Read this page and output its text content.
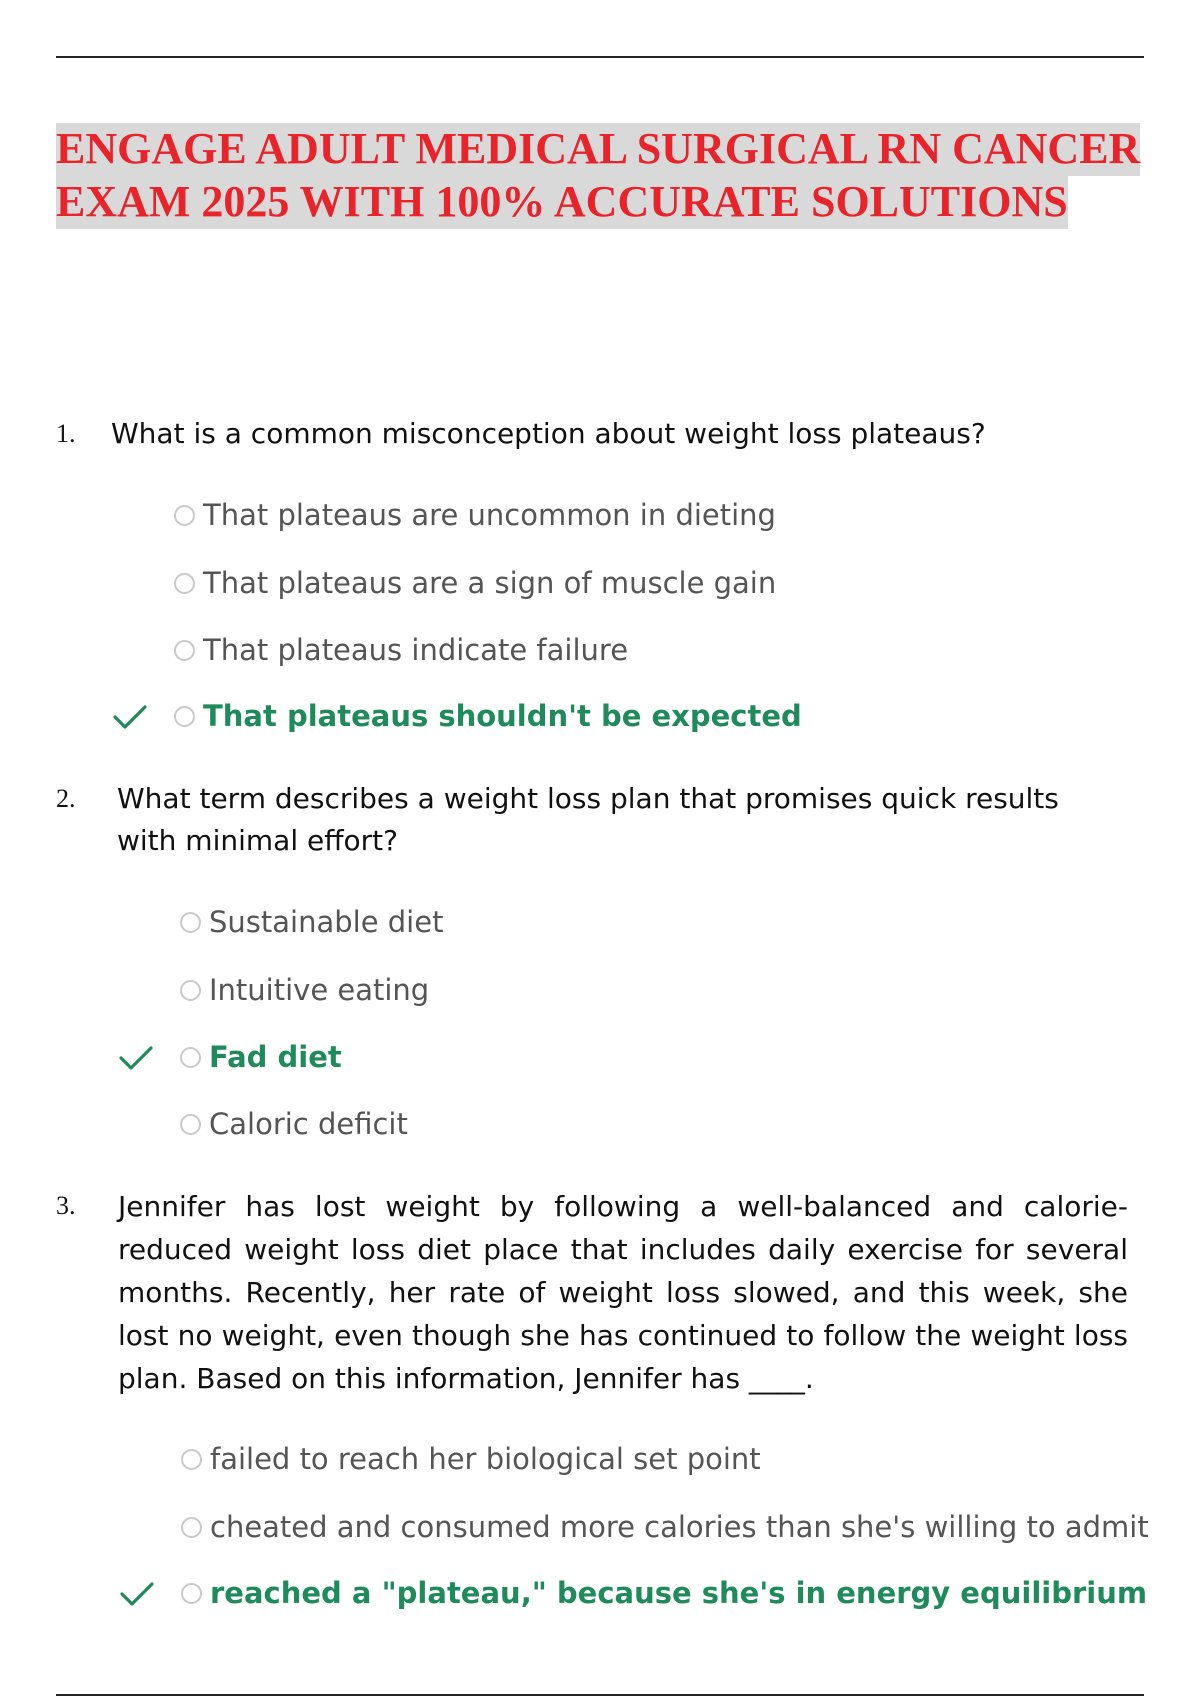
ENGAGE ADULT MEDICAL SURGICAL RN CANCER
EXAM 2025 WITH 100% ACCURATE SOLUTIONS
1. What is a common misconception about weight loss plateaus?
That plateaus are uncommon in dieting
That plateaus are a sign of muscle gain
That plateaus indicate failure
That plateaus shouldn't be expected
2. What term describes a weight loss plan that promises quick results with minimal effort?
Sustainable diet
Intuitive eating
Fad diet
Caloric deficit
3. Jennifer has lost weight by following a well-balanced and calorie-reduced weight loss diet place that includes daily exercise for several months. Recently, her rate of weight loss slowed, and this week, she lost no weight, even though she has continued to follow the weight loss plan. Based on this information, Jennifer has ____.
failed to reach her biological set point
cheated and consumed more calories than she's willing to admit
reached a "plateau," because she's in energy equilibrium
